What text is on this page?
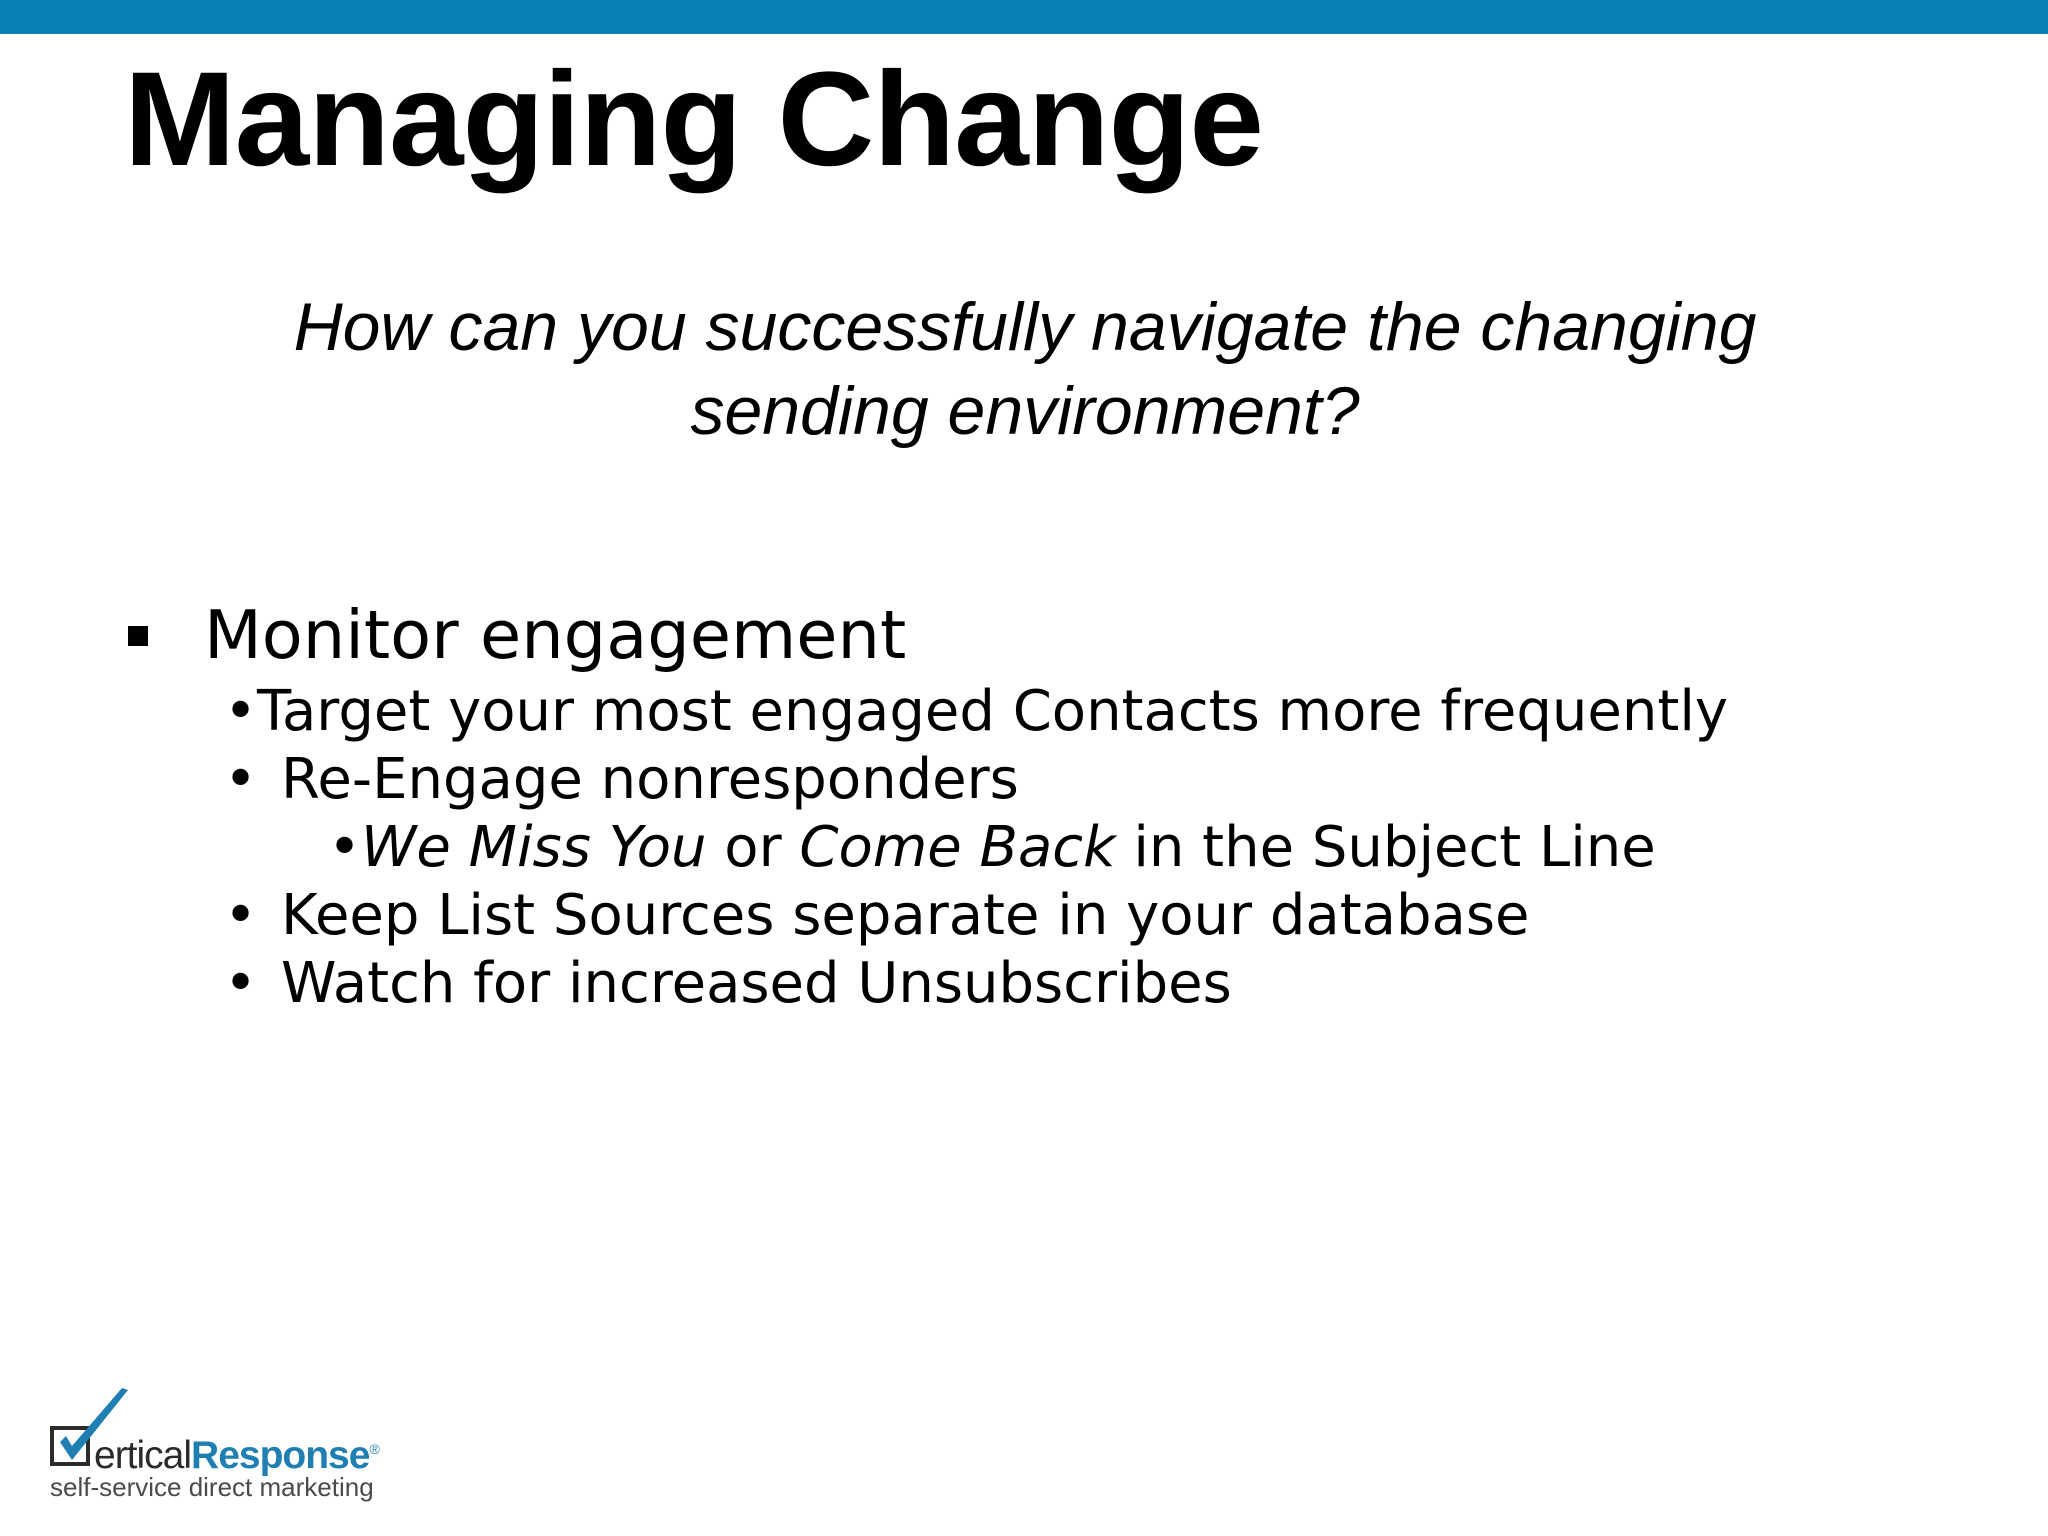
Managing Change

How can you successfully navigate the changing sending environment?

Monitor engagement
•Target your most engaged Contacts more frequently
• Re-Engage nonresponders
•We Miss You or Come Back in the Subject Line
• Keep List Sources separate in your database
• Watch for increased Unsubscribes
erticalResponse®
self-service direct marketing
